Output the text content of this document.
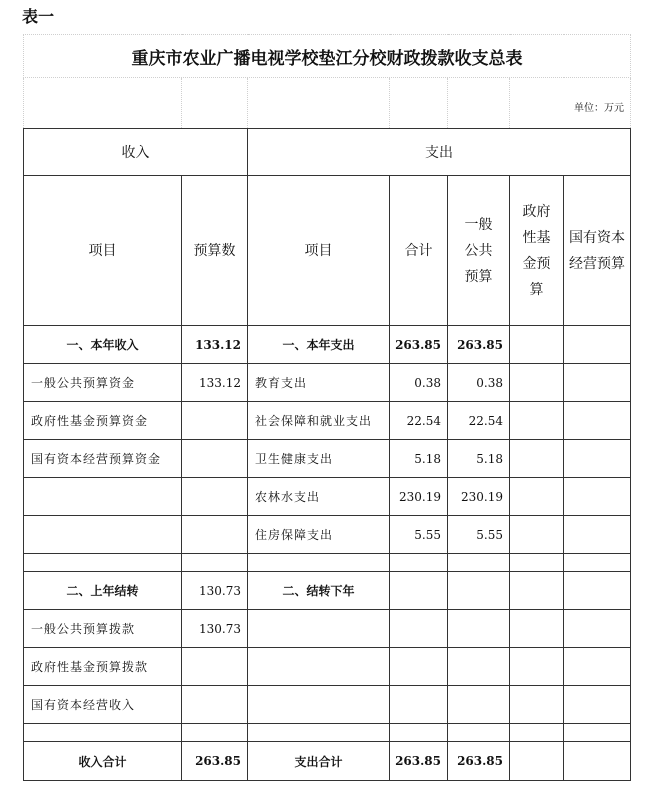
表一
重庆市农业广播电视学校垫江分校财政拨款收支总表						
					单位：万元	
收入		支出				
项目	预算数	项目	合计	一般公共预算	政府性基金预算	国有资本经营预算

一、本年收入	133.12	一、本年支出	263.85	263.85		
一般公共预算资金	133.12	教育支出	0.38	0.38		
政府性基金预算资金		社会保障和就业支出	22.54	22.54		
国有资本经营预算资金		卫生健康支出	5.18	5.18		
		农林水支出	230.19	230.19		
		住房保障支出	5.55	5.55		

二、上年结转	130.73	二、结转下年				
一般公共预算拨款	130.73					
政府性基金预算拨款						
国有资本经营收入						

收入合计	263.85	支出合计	263.85	263.85		
